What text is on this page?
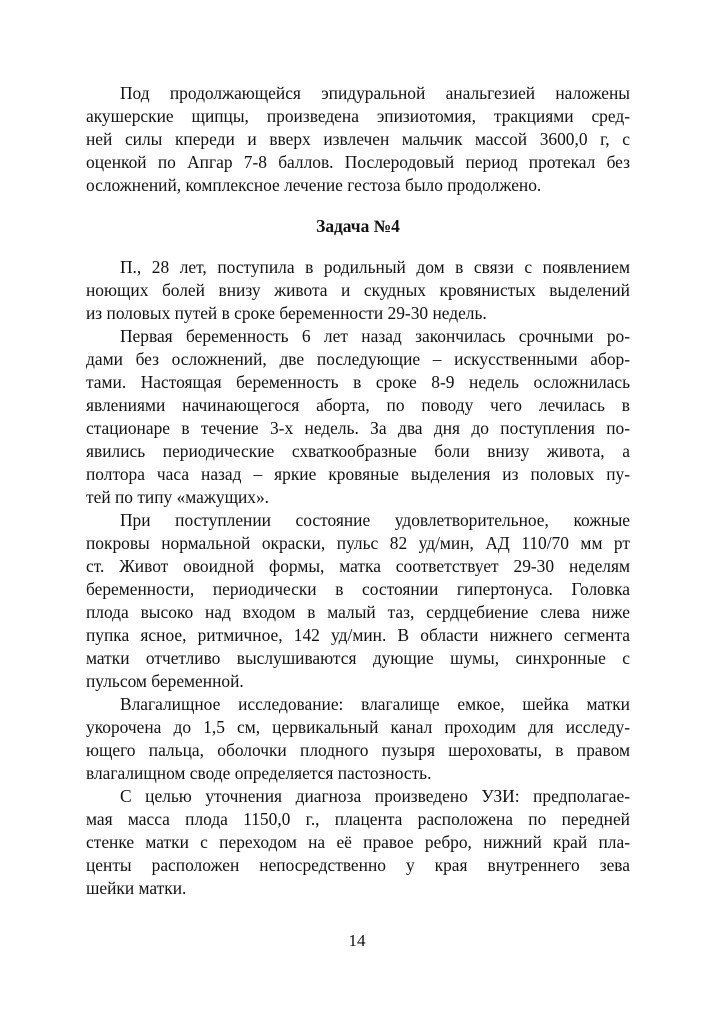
Под продолжающейся эпидуральной анальгезией наложены
акушерские щипцы, произведена эпизиотомия, тракциями сред-
ней силы кпереди и вверх извлечен мальчик массой 3600,0 г, с
оценкой по Апгар 7-8 баллов. Послеродовый период протекал без
осложнений, комплексное лечение гестоза было продолжено.
Задача №4
П., 28 лет, поступила в родильный дом в связи с появлением
ноющих болей внизу живота и скудных кровянистых выделений
из половых путей в сроке беременности 29-30 недель.
Первая беременность 6 лет назад закончилась срочными ро-
дами без осложнений, две последующие – искусственными абор-
тами. Настоящая беременность в сроке 8-9 недель осложнилась
явлениями начинающегося аборта, по поводу чего лечилась в
стационаре в течение 3-х недель. За два дня до поступления по-
явились периодические схваткообразные боли внизу живота, а
полтора часа назад – яркие кровяные выделения из половых пу-
тей по типу «мажущих».
При поступлении состояние удовлетворительное, кожные
покровы нормальной окраски, пульс 82 уд/мин, АД 110/70 мм рт
ст. Живот овоидной формы, матка соответствует 29-30 неделям
беременности, периодически в состоянии гипертонуса. Головка
плода высоко над входом в малый таз, сердцебиение слева ниже
пупка ясное, ритмичное, 142 уд/мин. В области нижнего сегмента
матки отчетливо выслушиваются дующие шумы, синхронные с
пульсом беременной.
Влагалищное исследование: влагалище емкое, шейка матки
укорочена до 1,5 см, цервикальный канал проходим для исследу-
ющего пальца, оболочки плодного пузыря шероховаты, в правом
влагалищном своде определяется пастозность.
С целью уточнения диагноза произведено УЗИ: предполагае-
мая масса плода 1150,0 г., плацента расположена по передней
стенке матки с переходом на её правое ребро, нижний край пла-
центы расположен непосредственно у края внутреннего зева
шейки матки.
14
